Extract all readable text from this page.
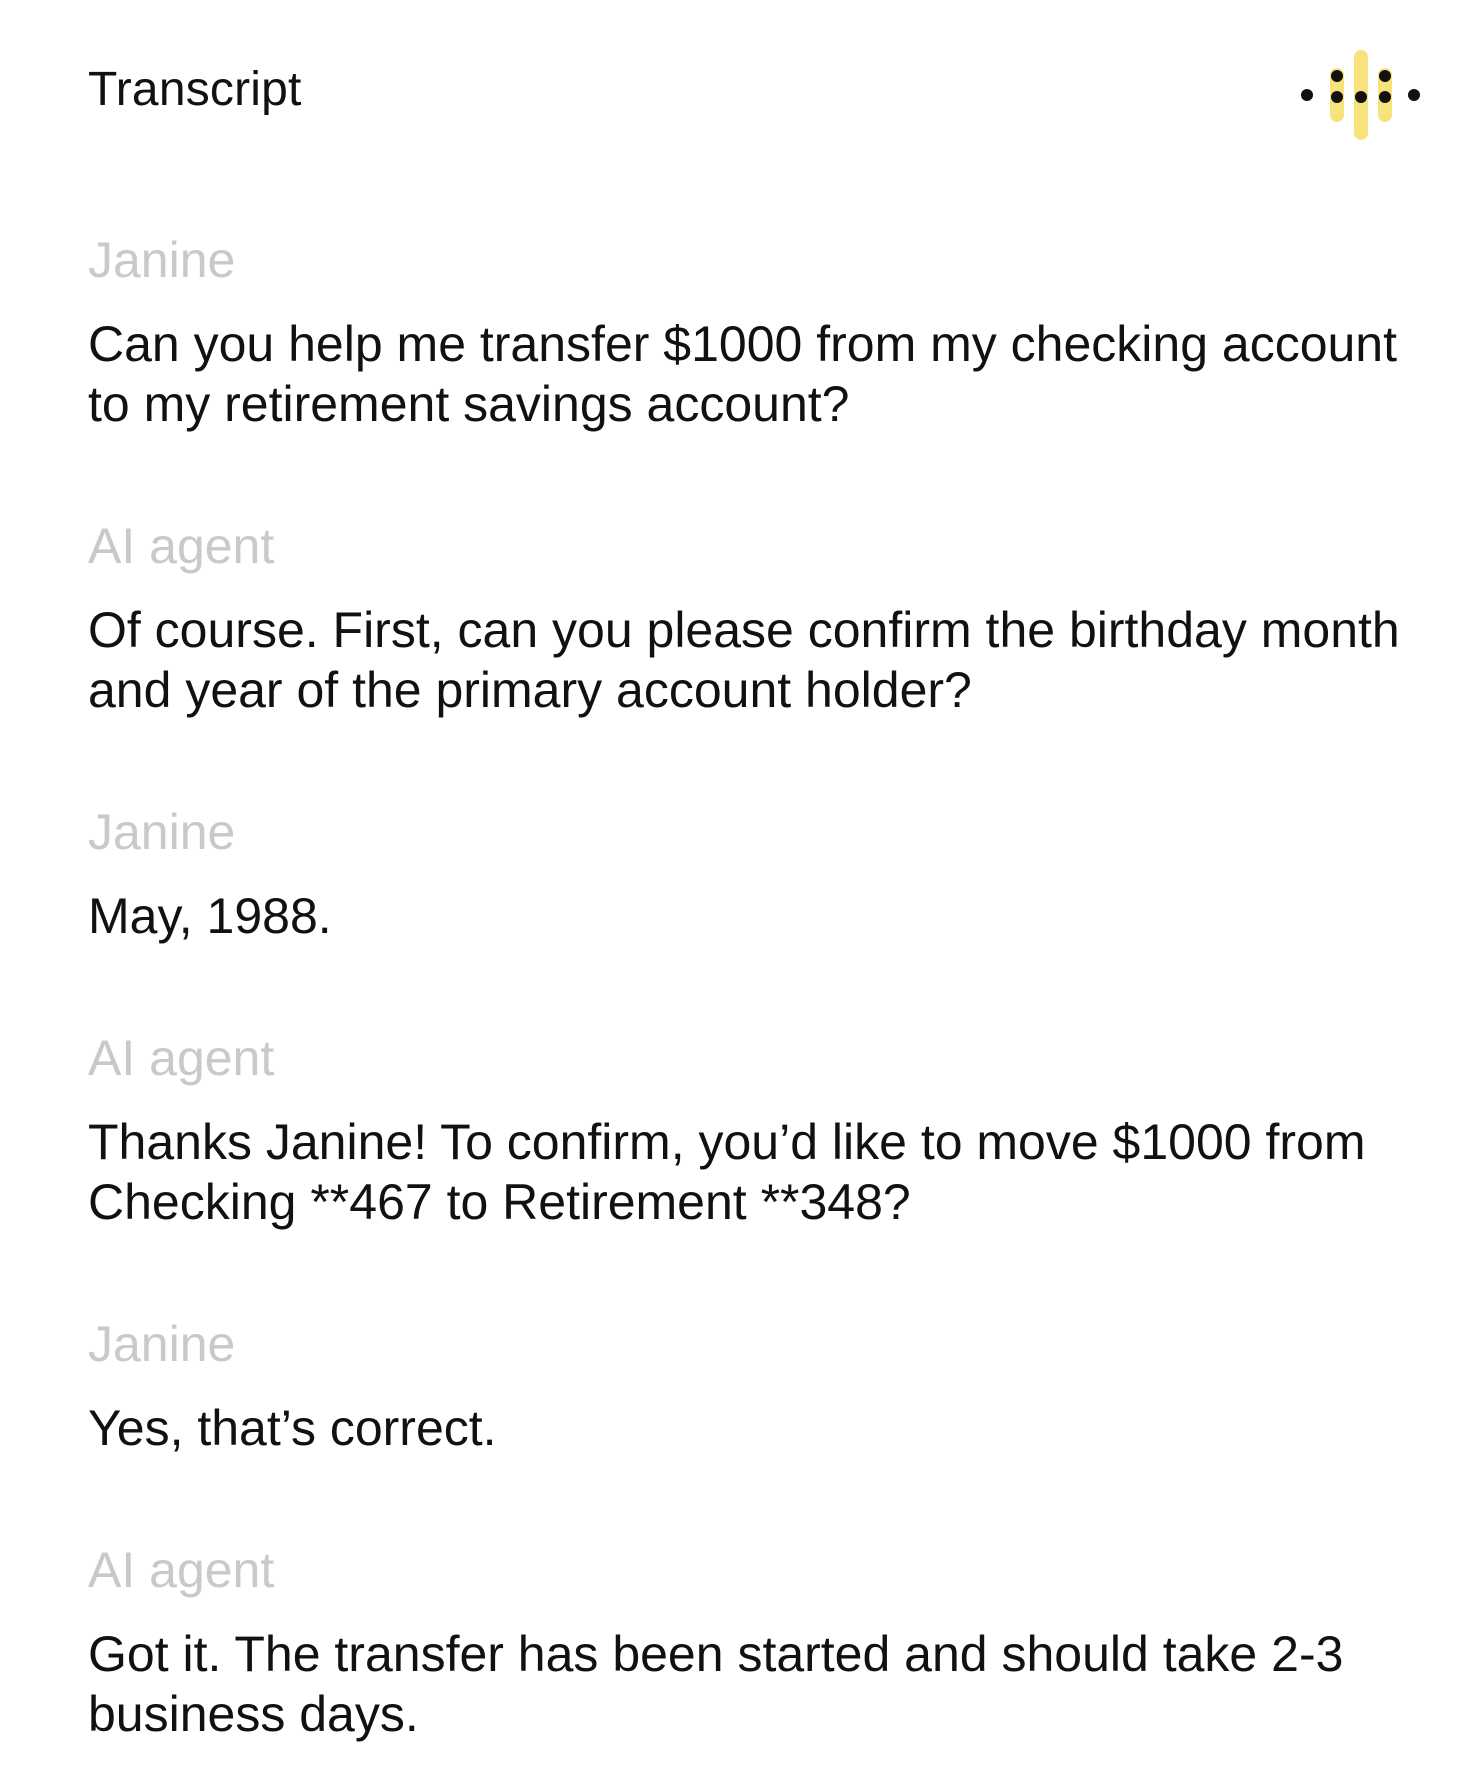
Transcript

Janine

Can you help me transfer $1000 from my checking account to my retirement savings account?

AI agent

Of course. First, can you please confirm the birthday month and year of the primary account holder?

Janine

May, 1988.

AI agent

Thanks Janine! To confirm, you’d like to move $1000 from Checking **467 to Retirement **348?

Janine

Yes, that’s correct.

AI agent

Got it. The transfer has been started and should take 2-3 business days.
